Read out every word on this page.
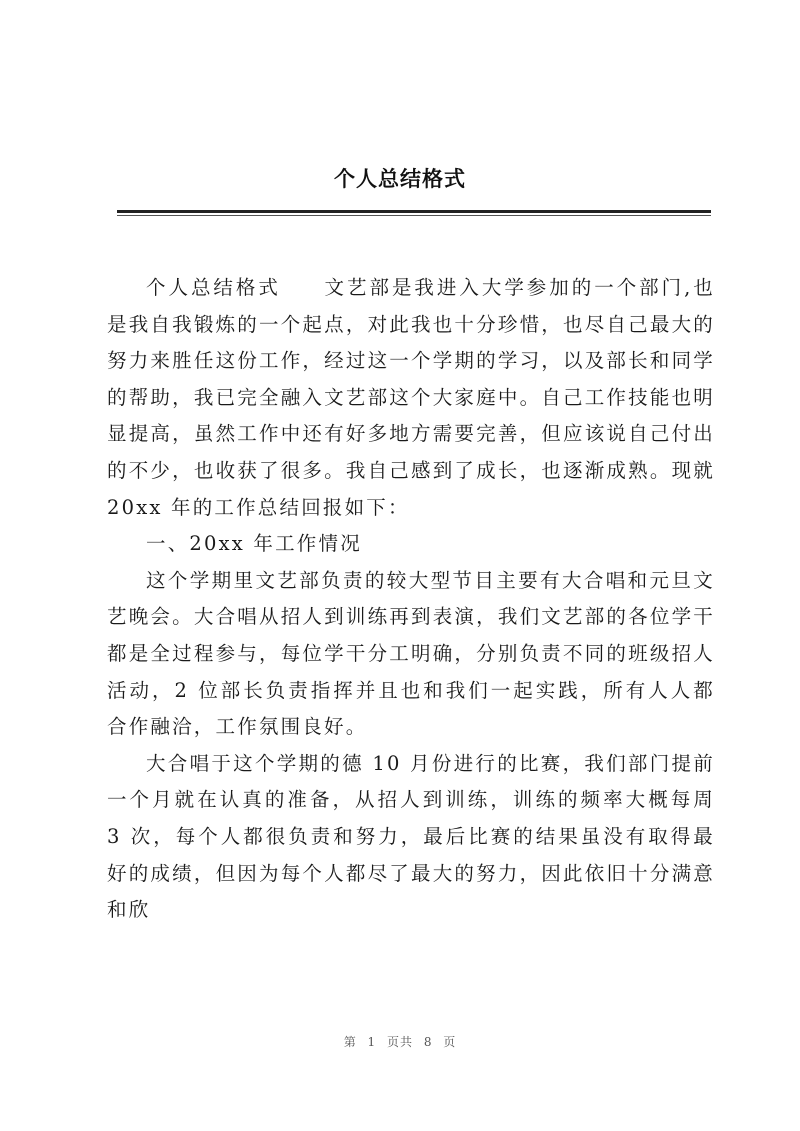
个人总结格式

个人总结格式 文艺部是我进入大学参加的一个部门,也是我自我锻炼的一个起点，对此我也十分珍惜，也尽自己最大的努力来胜任这份工作，经过这一个学期的学习，以及部长和同学的帮助，我已完全融入文艺部这个大家庭中。自己工作技能也明显提高，虽然工作中还有好多地方需要完善，但应该说自己付出的不少，也收获了很多。我自己感到了成长，也逐渐成熟。现就20xx 年的工作总结回报如下：

一、20xx 年工作情况

这个学期里文艺部负责的较大型节目主要有大合唱和元旦文艺晚会。大合唱从招人到训练再到表演，我们文艺部的各位学干都是全过程参与，每位学干分工明确，分别负责不同的班级招人活动，2 位部长负责指挥并且也和我们一起实践，所有人人都合作融洽，工作氛围良好。

大合唱于这个学期的德 10 月份进行的比赛，我们部门提前一个月就在认真的准备，从招人到训练，训练的频率大概每周 3 次，每个人都很负责和努力，最后比赛的结果虽没有取得最好的成绩，但因为每个人都尽了最大的努力，因此依旧十分满意和欣

第 1 页共 8 页
